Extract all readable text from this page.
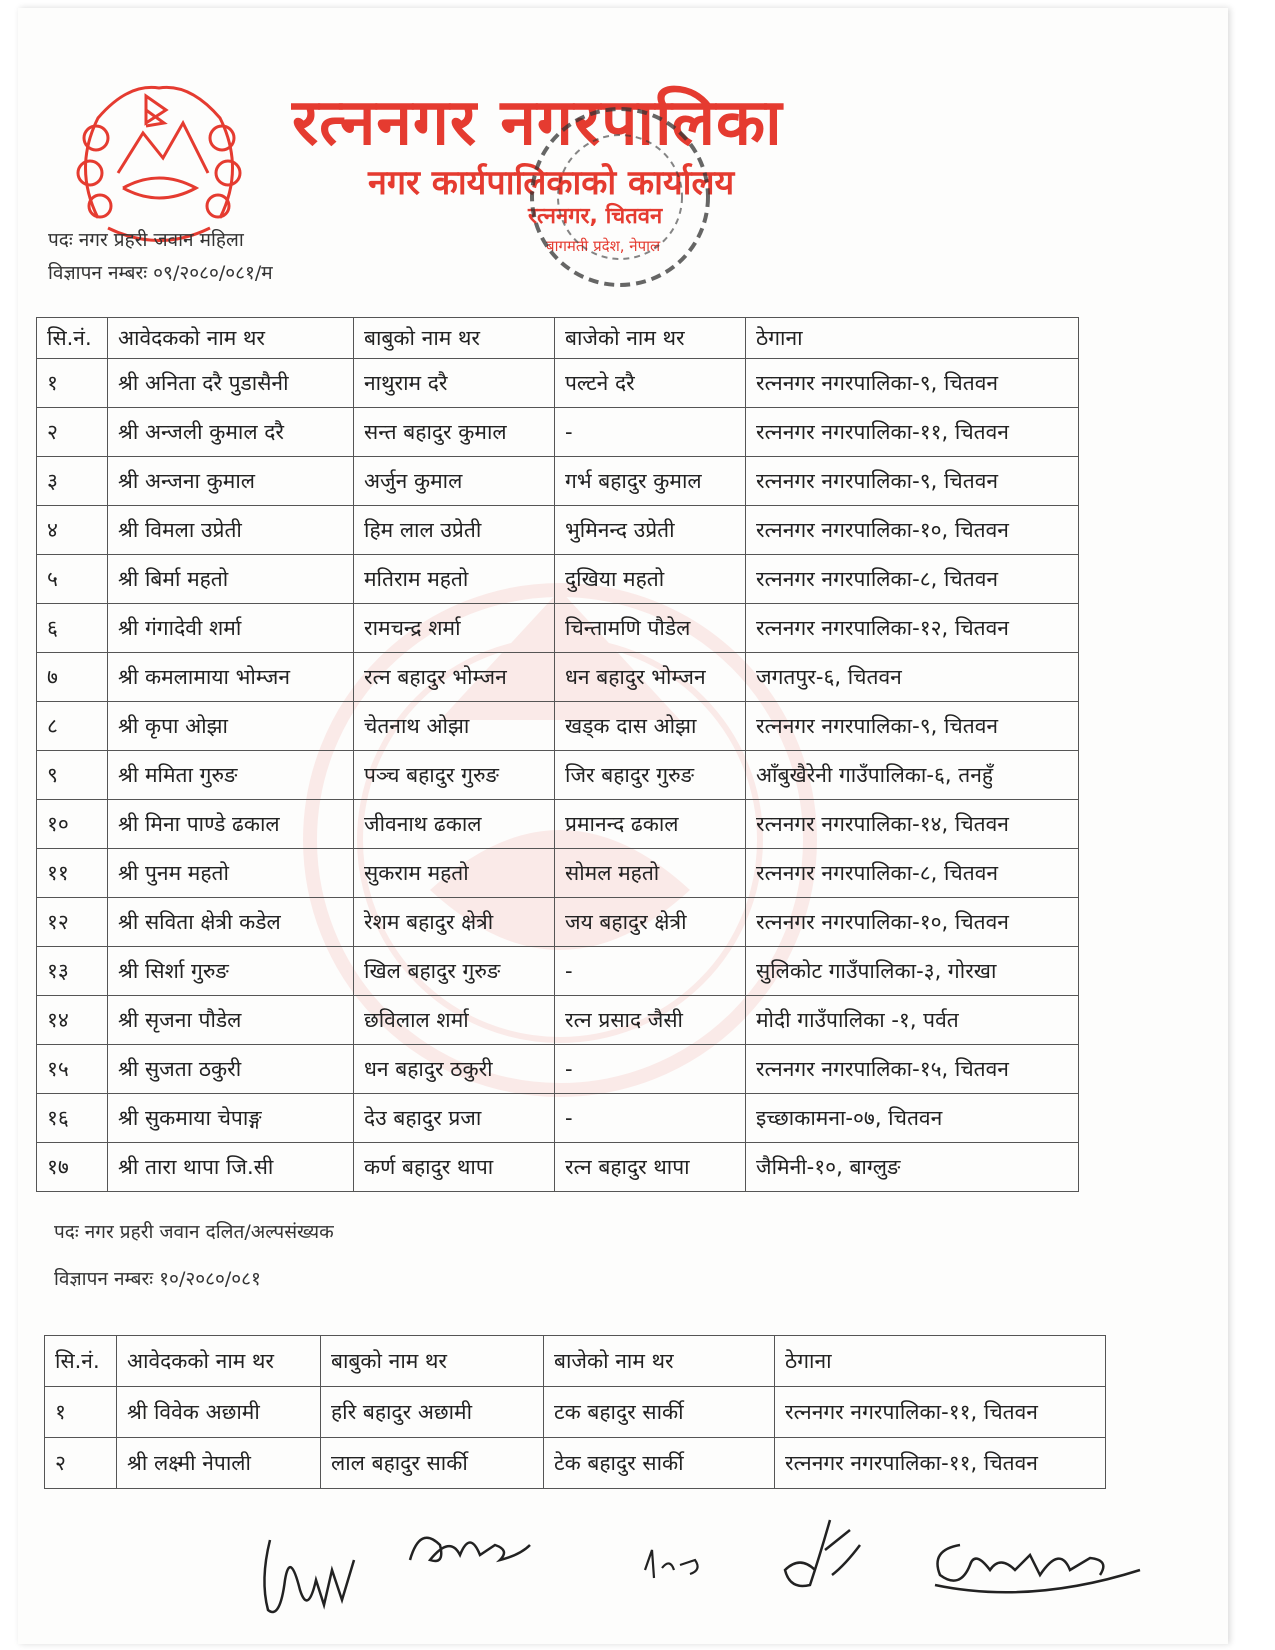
रत्ननगर नगरपालिका
नगर कार्यपालिकाको कार्यालय
रत्ननगर, चितवन
बागमती प्रदेश, नेपाल
पदः नगर प्रहरी जवान महिला
विज्ञापन नम्बरः ०९/२०८०/०८१/म
सि.नं.	आवेदकको नाम थर	बाबुको नाम थर	बाजेको नाम थर	ठेगाना
१	श्री अनिता दरै पुडासैनी	नाथुराम दरै	पल्टने दरै	रत्ननगर नगरपालिका-९, चितवन
२	श्री अन्जली कुमाल दरै	सन्त बहादुर कुमाल	-	रत्ननगर नगरपालिका-११, चितवन
३	श्री अन्जना कुमाल	अर्जुन कुमाल	गर्भ बहादुर कुमाल	रत्ननगर नगरपालिका-९, चितवन
४	श्री विमला उप्रेती	हिम लाल उप्रेती	भुमिनन्द उप्रेती	रत्ननगर नगरपालिका-१०, चितवन
५	श्री बिर्मा महतो	मतिराम महतो	दुखिया महतो	रत्ननगर नगरपालिका-८, चितवन
६	श्री गंगादेवी शर्मा	रामचन्द्र शर्मा	चिन्तामणि पौडेल	रत्ननगर नगरपालिका-१२, चितवन
७	श्री कमलामाया भोम्जन	रत्न बहादुर भोम्जन	धन बहादुर भोम्जन	जगतपुर-६, चितवन
८	श्री कृपा ओझा	चेतनाथ ओझा	खड्क दास ओझा	रत्ननगर नगरपालिका-९, चितवन
९	श्री ममिता गुरुङ	पञ्च बहादुर गुरुङ	जिर बहादुर गुरुङ	आँबुखैरेनी गाउँपालिका-६, तनहुँ
१०	श्री मिना पाण्डे ढकाल	जीवनाथ ढकाल	प्रमानन्द ढकाल	रत्ननगर नगरपालिका-१४, चितवन
११	श्री पुनम महतो	सुकराम महतो	सोमल महतो	रत्ननगर नगरपालिका-८, चितवन
१२	श्री सविता क्षेत्री कडेल	रेशम बहादुर क्षेत्री	जय बहादुर क्षेत्री	रत्ननगर नगरपालिका-१०, चितवन
१३	श्री सिर्शा गुरुङ	खिल बहादुर गुरुङ	-	सुलिकोट गाउँपालिका-३, गोरखा
१४	श्री सृजना पौडेल	छविलाल शर्मा	रत्न प्रसाद जैसी	मोदी गाउँपालिका -१, पर्वत
१५	श्री सुजता ठकुरी	धन बहादुर ठकुरी	-	रत्ननगर नगरपालिका-१५, चितवन
१६	श्री सुकमाया चेपाङ्ग	देउ बहादुर प्रजा	-	इच्छाकामना-०७, चितवन
१७	श्री तारा थापा जि.सी	कर्ण बहादुर थापा	रत्न बहादुर थापा	जैमिनी-१०, बाग्लुङ
पदः नगर प्रहरी जवान दलित/अल्पसंख्यक
विज्ञापन नम्बरः १०/२०८०/०८१
सि.नं.	आवेदकको नाम थर	बाबुको नाम थर	बाजेको नाम थर	ठेगाना
१	श्री विवेक अछामी	हरि बहादुर अछामी	टक बहादुर सार्की	रत्ननगर नगरपालिका-११, चितवन
२	श्री लक्ष्मी नेपाली	लाल बहादुर सार्की	टेक बहादुर सार्की	रत्ननगर नगरपालिका-११, चितवन
